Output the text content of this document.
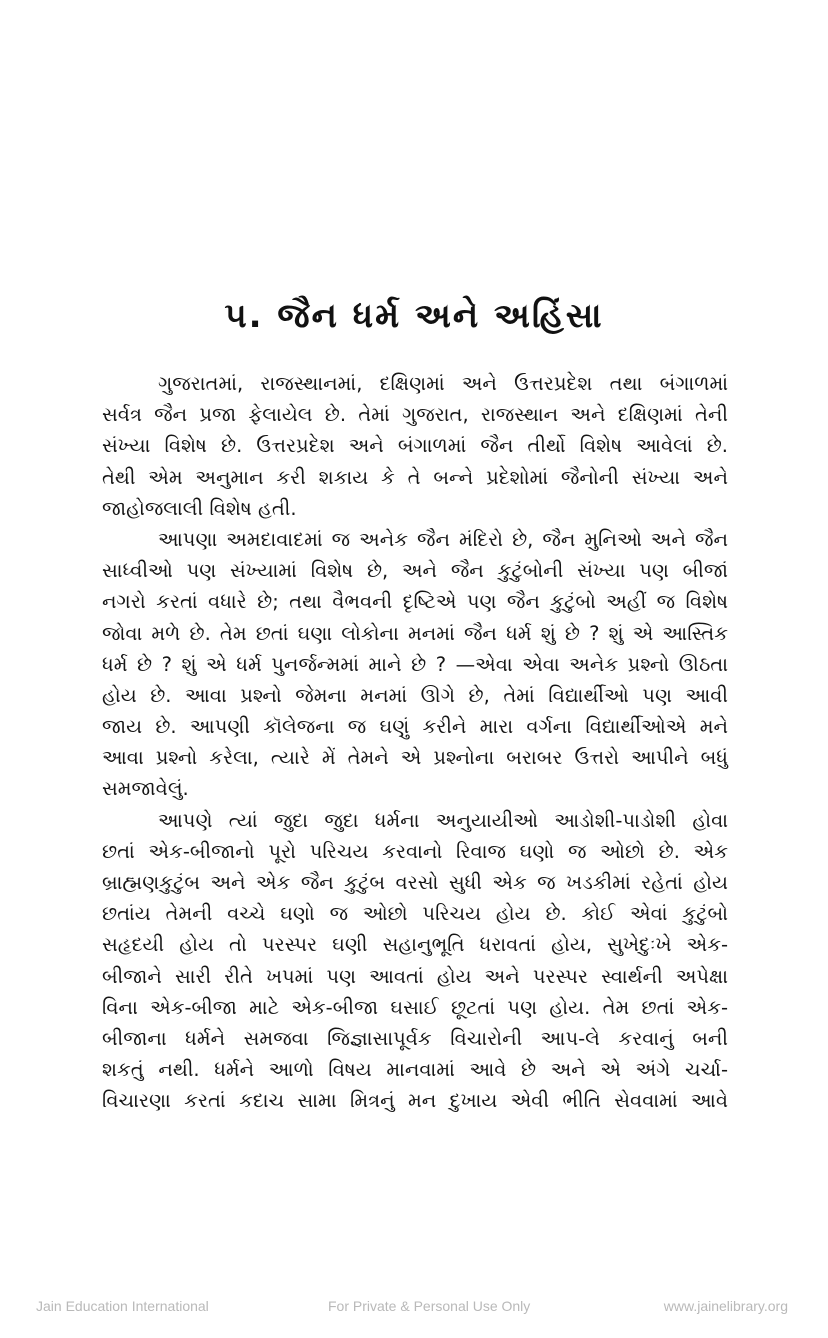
૫. જૈન ધર્મ અને અહિંસા
ગુજરાતમાં, રાજસ્થાનમાં, દક્ષિણમાં અને ઉત્તરપ્રદેશ તથા બંગાળમાં
સર્વત્ર જૈન પ્રજા ફેલાયેલ છે. તેમાં ગુજરાત, રાજસ્થાન અને દક્ષિણમાં તેની
સંખ્યા વિશેષ છે. ઉત્તરપ્રદેશ અને બંગાળમાં જૈન તીર્થો વિશેષ આવેલાં છે.
તેથી એમ અનુમાન કરી શકાય કે તે બન્ને પ્રદેશોમાં જૈનોની સંખ્યા અને
જાહોજલાલી વિશેષ હતી.
આપણા અમદાવાદમાં જ અનેક જૈન મંદિરો છે, જૈન મુનિઓ અને જૈન
સાધ્વીઓ પણ સંખ્યામાં વિશેષ છે, અને જૈન કુટુંબોની સંખ્યા પણ બીજાં
નગરો કરતાં વધારે છે; તથા વૈભવની દૃષ્ટિએ પણ જૈન કુટુંબો અહીં જ વિશેષ
જોવા મળે છે. તેમ છતાં ઘણા લોકોના મનમાં જૈન ધર્મ શું છે ? શું એ આસ્તિક
ધર્મ છે ? શું એ ધર્મ પુનર્જન્મમાં માને છે ? —એવા એવા અનેક પ્રશ્નો ઊઠતા
હોય છે. આવા પ્રશ્નો જેમના મનમાં ઊગે છે, તેમાં વિદ્યાર્થીઓ પણ આવી
જાય છે. આપણી કૉલેજના જ ઘણું કરીને મારા વર્ગના વિદ્યાર્થીઓએ મને
આવા પ્રશ્નો કરેલા, ત્યારે મેં તેમને એ પ્રશ્નોના બરાબર ઉત્તરો આપીને બધું
સમજાવેલું.
આપણે ત્યાં જુદા જુદા ધર્મના અનુયાયીઓ આડોશી-પાડોશી હોવા
છતાં એક-બીજાનો પૂરો પરિચય કરવાનો રિવાજ ઘણો જ ઓછો છે. એક
બ્રાહ્મણકુટુંબ અને એક જૈન કુટુંબ વરસો સુધી એક જ ખડકીમાં રહેતાં હોય
છતાંય તેમની વચ્ચે ઘણો જ ઓછો પરિચય હોય છે. કોઈ એવાં કુટુંબો
સહૃદયી હોય તો પરસ્પર ઘણી સહાનુભૂતિ ધરાવતાં હોય, સુખેદુઃખે એક-
બીજાને સારી રીતે ખપમાં પણ આવતાં હોય અને પરસ્પર સ્વાર્થની અપેક્ષા
વિના એક-બીજા માટે એક-બીજા ઘસાઈ છૂટતાં પણ હોય. તેમ છતાં એક-
બીજાના ધર્મને સમજવા જિજ્ઞાસાપૂર્વક વિચારોની આપ-લે કરવાનું બની
શકતું નથી. ધર્મને આળો વિષય માનવામાં આવે છે અને એ અંગે ચર્ચા-
વિચારણા કરતાં કદાચ સામા મિત્રનું મન દુખાય એવી ભીતિ સેવવામાં આવે
Jain Education International	For Private & Personal Use Only	www.jainelibrary.org
